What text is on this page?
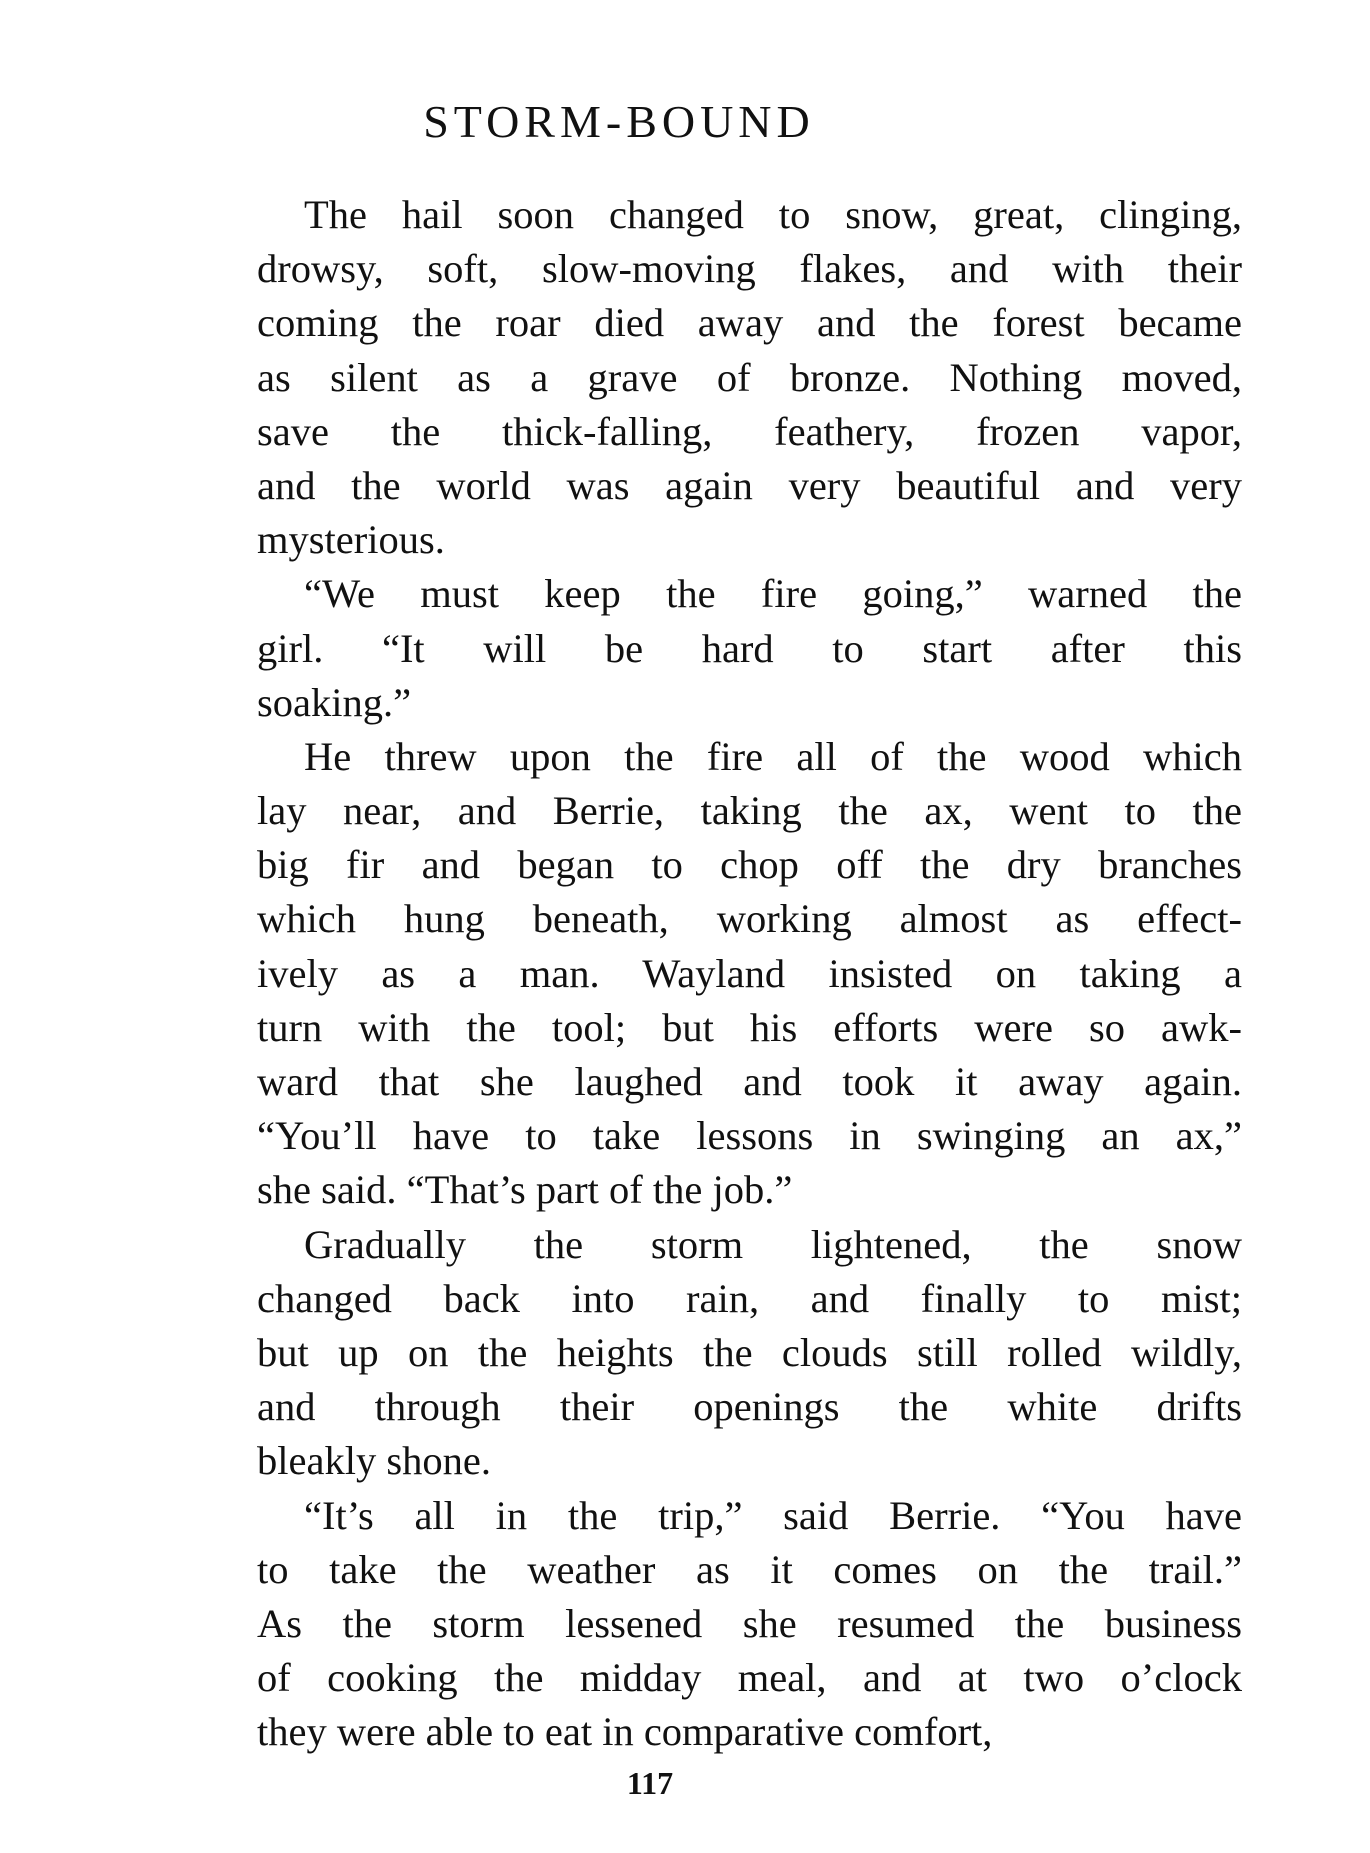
STORM-BOUND
The hail soon changed to snow, great, clinging,
drowsy, soft, slow-moving flakes, and with their
coming the roar died away and the forest became
as silent as a grave of bronze. Nothing moved,
save the thick-falling, feathery, frozen vapor,
and the world was again very beautiful and very
mysterious.
“We must keep the fire going,” warned the
girl. “It will be hard to start after this
soaking.”
He threw upon the fire all of the wood which
lay near, and Berrie, taking the ax, went to the
big fir and began to chop off the dry branches
which hung beneath, working almost as effect-
ively as a man. Wayland insisted on taking a
turn with the tool; but his efforts were so awk-
ward that she laughed and took it away again.
“You’ll have to take lessons in swinging an ax,”
she said. “That’s part of the job.”
Gradually the storm lightened, the snow
changed back into rain, and finally to mist;
but up on the heights the clouds still rolled wildly,
and through their openings the white drifts
bleakly shone.
“It’s all in the trip,” said Berrie. “You have
to take the weather as it comes on the trail.”
As the storm lessened she resumed the business
of cooking the midday meal, and at two o’clock
they were able to eat in comparative comfort,
117
